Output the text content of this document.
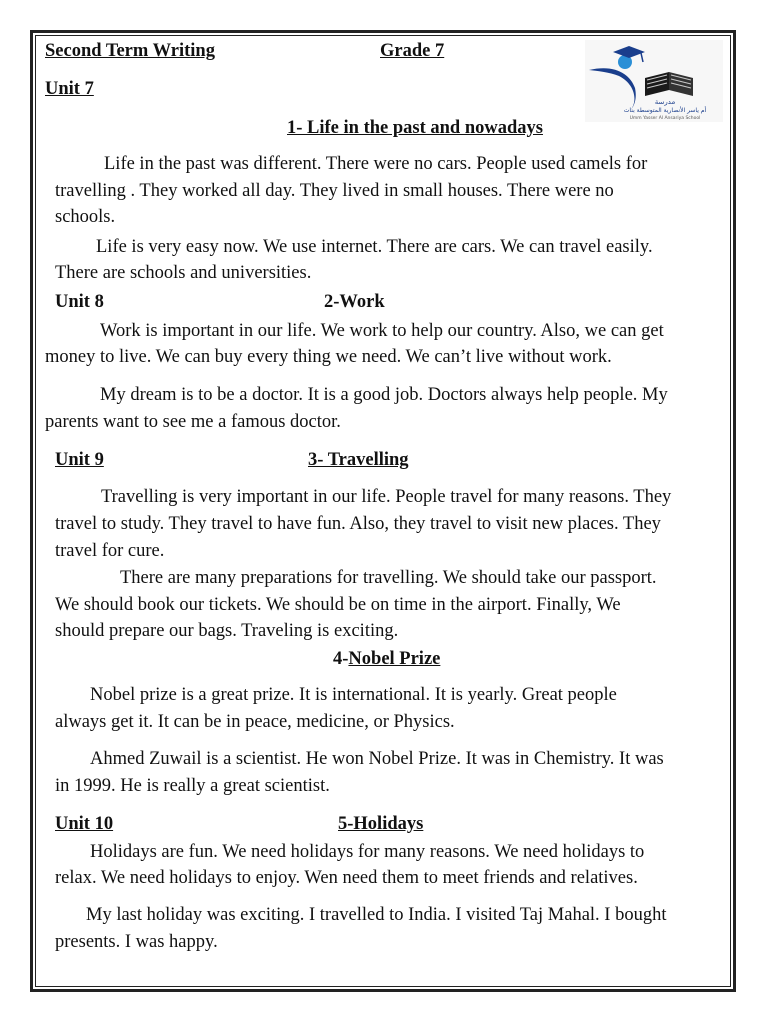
Second Term Writing	Grade 7
Unit 7
مدرسة
أم ياسر الأنصارية المتوسطة بنات
Umm Yasser Al Ansariya School
1- Life in the past and nowadays
Life in the past was different. There were no cars. People used camels for
travelling . They worked all day. They lived in small houses. There were no
schools.
Life is very easy now. We use internet. There are cars. We can travel easily.
There are schools and universities.
Unit 8	2-Work
Work is important in our life. We work to help our country. Also, we can get
money to live. We can buy every thing we need. We can’t live without work.
My dream is to be a doctor. It is a good job. Doctors always help people. My
parents want to see me a famous doctor.
Unit 9	3- Travelling
Travelling is very important in our life. People travel for many reasons. They
travel to study. They travel to have fun. Also, they travel to visit new places. They
travel for cure.
There are many preparations for travelling. We should take our passport.
We should book our tickets. We should be on time in the airport. Finally, We
should prepare our bags. Traveling is exciting.
4-Nobel Prize
Nobel prize is a great prize. It is international. It is yearly. Great people
always get it. It can be in peace, medicine, or Physics.
Ahmed Zuwail is a scientist. He won Nobel Prize. It was in Chemistry. It was
in 1999. He is really a great scientist.
Unit 10	5-Holidays
Holidays are fun. We need holidays for many reasons. We need holidays to
relax. We need holidays to enjoy. Wen need them to meet friends and relatives.
My last holiday was exciting. I travelled to India. I visited Taj Mahal. I bought
presents. I was happy.
